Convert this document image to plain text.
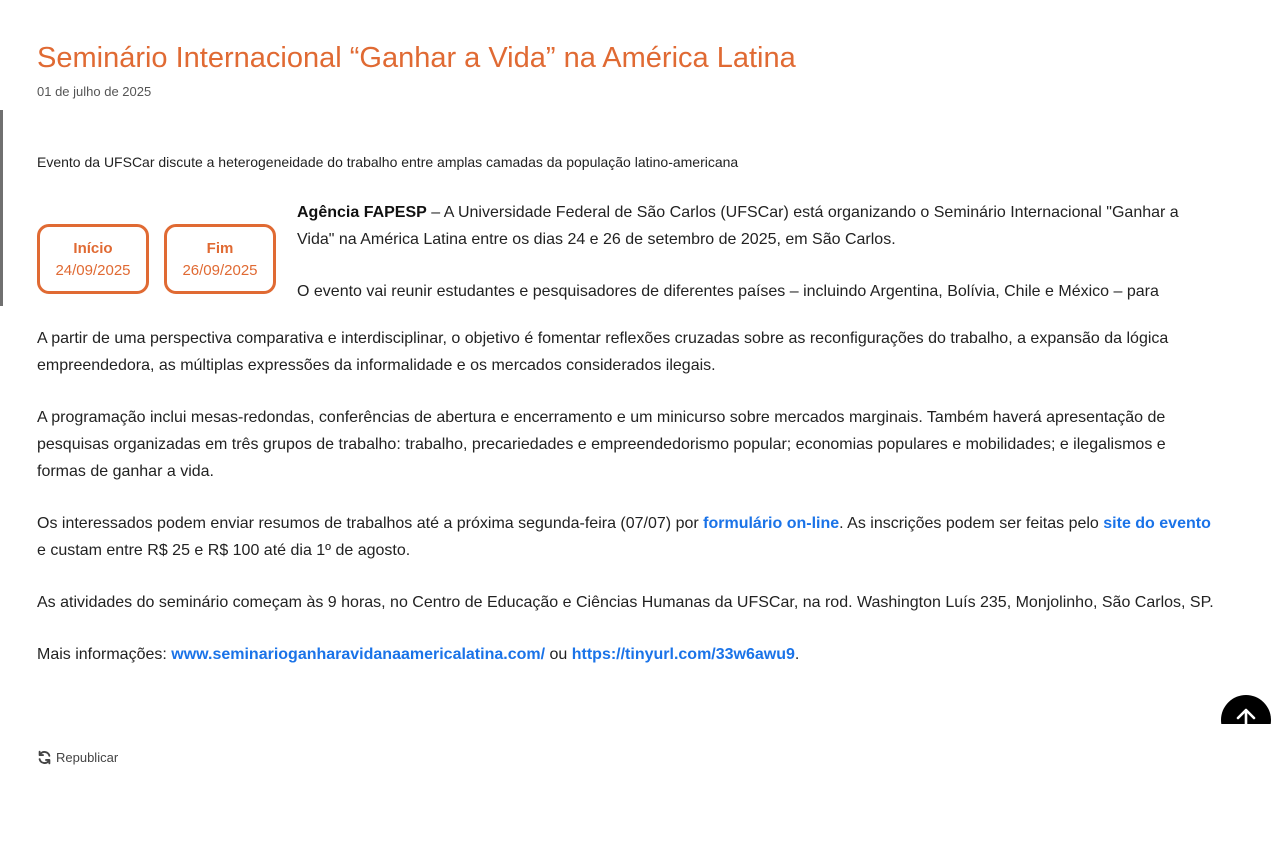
Seminário Internacional “Ganhar a Vida” na América Latina
01 de julho de 2025
Evento da UFSCar discute a heterogeneidade do trabalho entre amplas camadas da população latino-americana
Início
24/09/2025
Fim
26/09/2025

Agência FAPESP – A Universidade Federal de São Carlos (UFSCar) está organizando o Seminário Internacional "Ganhar a Vida" na América Latina entre os dias 24 e 26 de setembro de 2025, em São Carlos.

O evento vai reunir estudantes e pesquisadores de diferentes países – incluindo Argentina, Bolívia, Chile e México – para

A partir de uma perspectiva comparativa e interdisciplinar, o objetivo é fomentar reflexões cruzadas sobre as reconfigurações do trabalho, a expansão da lógica empreendedora, as múltiplas expressões da informalidade e os mercados considerados ilegais.

A programação inclui mesas-redondas, conferências de abertura e encerramento e um minicurso sobre mercados marginais. Também haverá apresentação de pesquisas organizadas em três grupos de trabalho: trabalho, precariedades e empreendedorismo popular; economias populares e mobilidades; e ilegalismos e formas de ganhar a vida.

Os interessados podem enviar resumos de trabalhos até a próxima segunda-feira (07/07) por formulário on-line. As inscrições podem ser feitas pelo site do evento e custam entre R$ 25 e R$ 100 até dia 1º de agosto.

As atividades do seminário começam às 9 horas, no Centro de Educação e Ciências Humanas da UFSCar, na rod. Washington Luís 235, Monjolinho, São Carlos, SP.

Mais informações: www.seminarioganharavidanaamericalatina.com/ ou https://tinyurl.com/33w6awu9.

Republicar
